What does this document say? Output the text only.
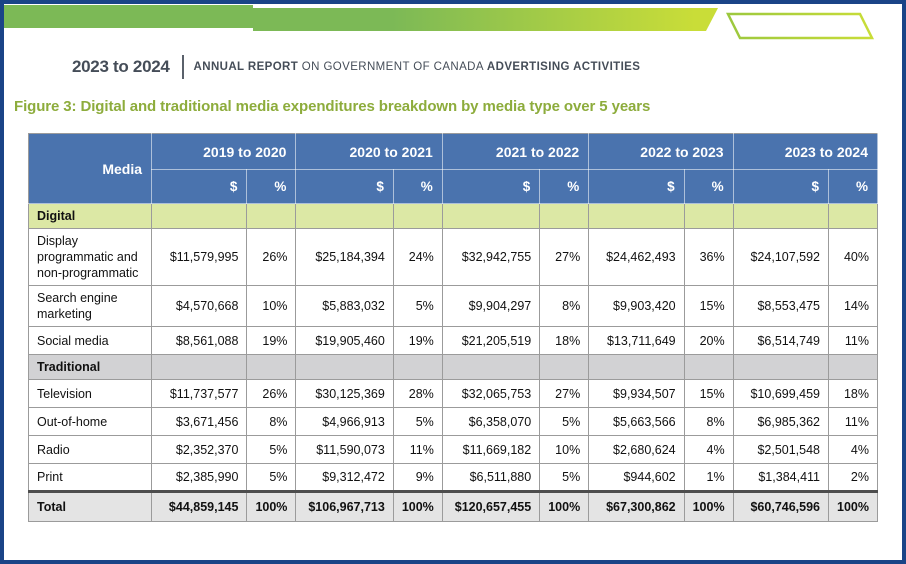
2023 to 2024 ANNUAL REPORT ON GOVERNMENT OF CANADA ADVERTISING ACTIVITIES
Figure 3: Digital and traditional media expenditures breakdown by media type over 5 years
Media	2019 to 2020		2020 to 2021		2021 to 2022		2022 to 2023		2023 to 2024	
	$	%	$	%	$	%	$	%	$	%
Digital										
Display programmatic and non-programmatic	$11,579,995	26%	$25,184,394	24%	$32,942,755	27%	$24,462,493	36%	$24,107,592	40%
Search engine marketing	$4,570,668	10%	$5,883,032	5%	$9,904,297	8%	$9,903,420	15%	$8,553,475	14%
Social media	$8,561,088	19%	$19,905,460	19%	$21,205,519	18%	$13,711,649	20%	$6,514,749	11%
Traditional										
Television	$11,737,577	26%	$30,125,369	28%	$32,065,753	27%	$9,934,507	15%	$10,699,459	18%
Out-of-home	$3,671,456	8%	$4,966,913	5%	$6,358,070	5%	$5,663,566	8%	$6,985,362	11%
Radio	$2,352,370	5%	$11,590,073	11%	$11,669,182	10%	$2,680,624	4%	$2,501,548	4%
Print	$2,385,990	5%	$9,312,472	9%	$6,511,880	5%	$944,602	1%	$1,384,411	2%
Total	$44,859,145	100%	$106,967,713	100%	$120,657,455	100%	$67,300,862	100%	$60,746,596	100%
